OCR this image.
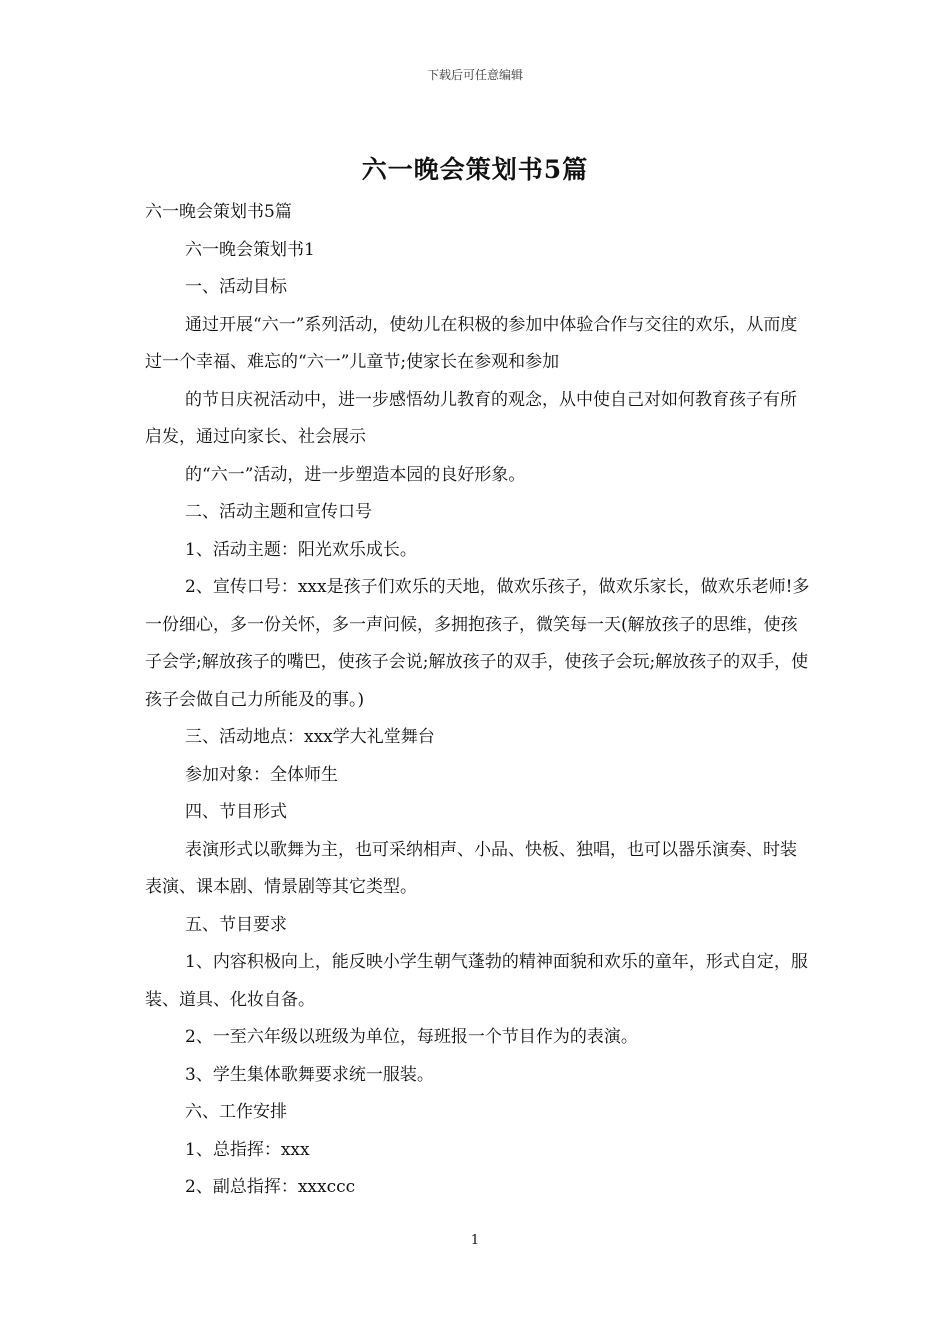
下载后可任意编辑
六一晚会策划书5篇

六一晚会策划书5篇

六一晚会策划书1

一、活动目标

通过开展“六一”系列活动，使幼儿在积极的参加中体验合作与交往的欢乐，从而度过一个幸福、难忘的“六一”儿童节;使家长在参观和参加

的节日庆祝活动中，进一步感悟幼儿教育的观念，从中使自己对如何教育孩子有所启发，通过向家长、社会展示

的“六一”活动，进一步塑造本园的良好形象。

二、活动主题和宣传口号

1、活动主题：阳光欢乐成长。

2、宣传口号：xxx是孩子们欢乐的天地，做欢乐孩子，做欢乐家长，做欢乐老师!多一份细心，多一份关怀，多一声问候，多拥抱孩子，微笑每一天(解放孩子的思维，使孩子会学;解放孩子的嘴巴，使孩子会说;解放孩子的双手，使孩子会玩;解放孩子的双手，使孩子会做自己力所能及的事。)

三、活动地点：xxx学大礼堂舞台

参加对象：全体师生

四、节目形式

表演形式以歌舞为主，也可采纳相声、小品、快板、独唱，也可以器乐演奏、时装表演、课本剧、情景剧等其它类型。

五、节目要求

1、内容积极向上，能反映小学生朝气蓬勃的精神面貌和欢乐的童年，形式自定，服装、道具、化妆自备。

2、一至六年级以班级为单位，每班报一个节目作为的表演。

3、学生集体歌舞要求统一服装。

六、工作安排

1、总指挥：xxx

2、副总指挥：xxxccc

1
